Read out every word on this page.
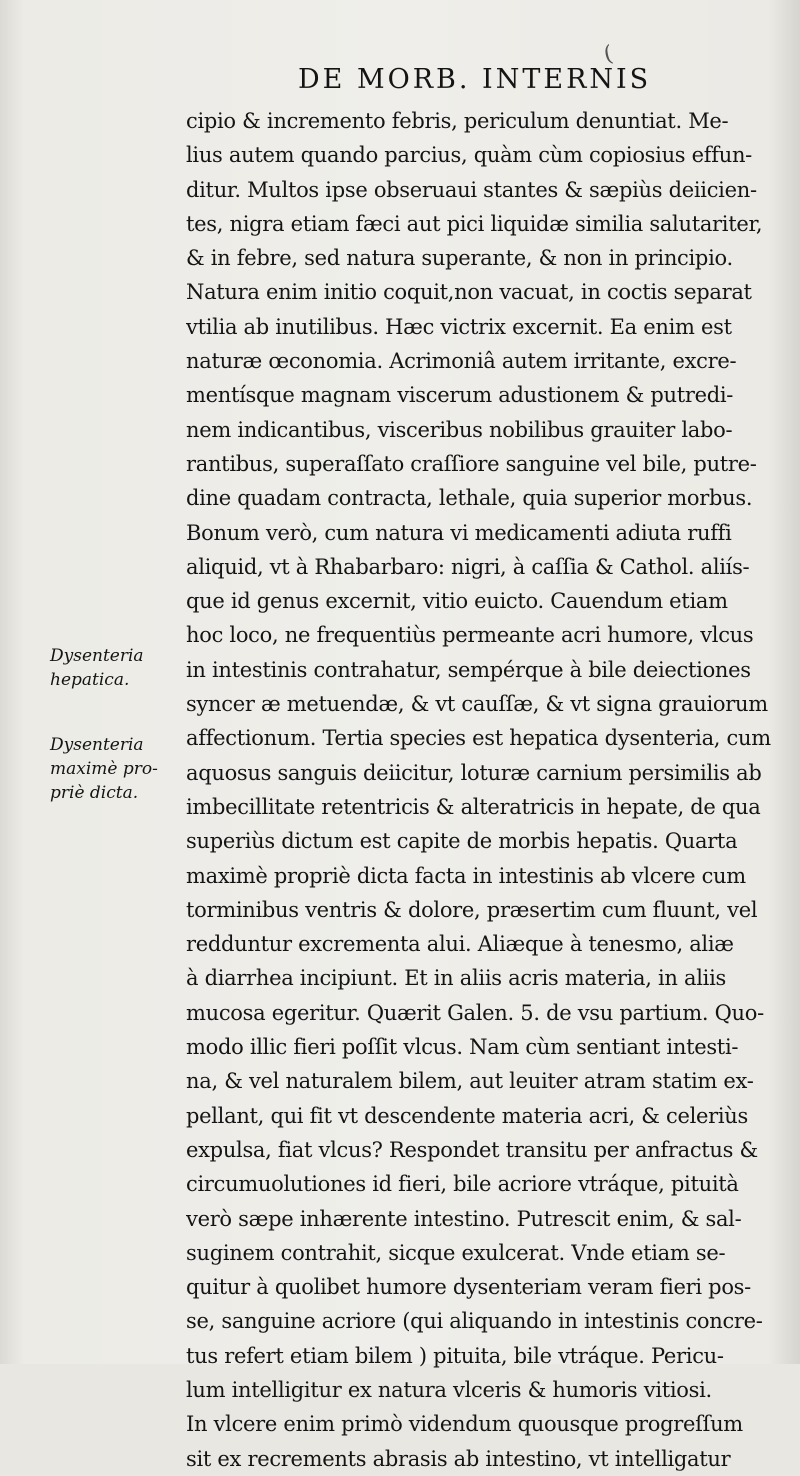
(
DE MORB. INTERNIS
Dysenteria
hepatica.
Dysenteria
maximè pro-
priè dicta.
cipio & incremento febris, periculum denuntiat. Me-
lius autem quando parcius, quàm cùm copiosius effun-
ditur. Multos ipse obseruaui stantes & sæpiùs deiicien-
tes, nigra etiam fæci aut pici liquidæ similia salutariter,
& in febre, sed natura superante, & non in principio.
Natura enim initio coquit,non vacuat, in coctis separat
vtilia ab inutilibus. Hæc victrix excernit. Ea enim est
naturæ œconomia. Acrimoniâ autem irritante, excre-
mentísque magnam viscerum adustionem & putredi-
nem indicantibus, visceribus nobilibus grauiter labo-
rantibus, superaſſato craſſiore sanguine vel bile, putre-
dine quadam contracta, lethale, quia superior morbus.
Bonum verò, cum natura vi medicamenti adiuta ruffi
aliquid, vt à Rhabarbaro: nigri, à caſſia & Cathol. aliís-
que id genus excernit, vitio euicto. Cauendum etiam
hoc loco, ne frequentiùs permeante acri humore, vlcus
in intestinis contrahatur, sempérque à bile deiectiones
syncer æ metuendæ, & vt cauſſæ, & vt signa grauiorum
affectionum. Tertia species est hepatica dysenteria, cum
aquosus sanguis deiicitur, loturæ carnium persimilis ab
imbecillitate retentricis & alteratricis in hepate, de qua
superiùs dictum est capite de morbis hepatis. Quarta
maximè propriè dicta facta in intestinis ab vlcere cum
torminibus ventris & dolore, præsertim cum fluunt, vel
redduntur excrementa alui. Aliæque à tenesmo, aliæ
à diarrhea incipiunt. Et in aliis acris materia, in aliis
mucosa egeritur. Quærit Galen. 5. de vsu partium. Quo-
modo illic fieri poſſit vlcus. Nam cùm sentiant intesti-
na, & vel naturalem bilem, aut leuiter atram statim ex-
pellant, qui fit vt descendente materia acri, & celeriùs
expulsa, fiat vlcus? Respondet transitu per anfractus &
circumuolutiones id fieri, bile acriore vtráque, pituità
verò sæpe inhærente intestino. Putrescit enim, & sal-
suginem contrahit, sicque exulcerat. Vnde etiam se-
quitur à quolibet humore dysenteriam veram fieri pos-
se, sanguine acriore (qui aliquando in intestinis concre-
tus refert etiam bilem ) pituita, bile vtráque. Pericu-
lum intelligitur ex natura vlceris & humoris vitiosi.
In vlcere enim primò videndum quousque progreſſum
sit ex recrements abrasis ab intestino, vt intelligatur
